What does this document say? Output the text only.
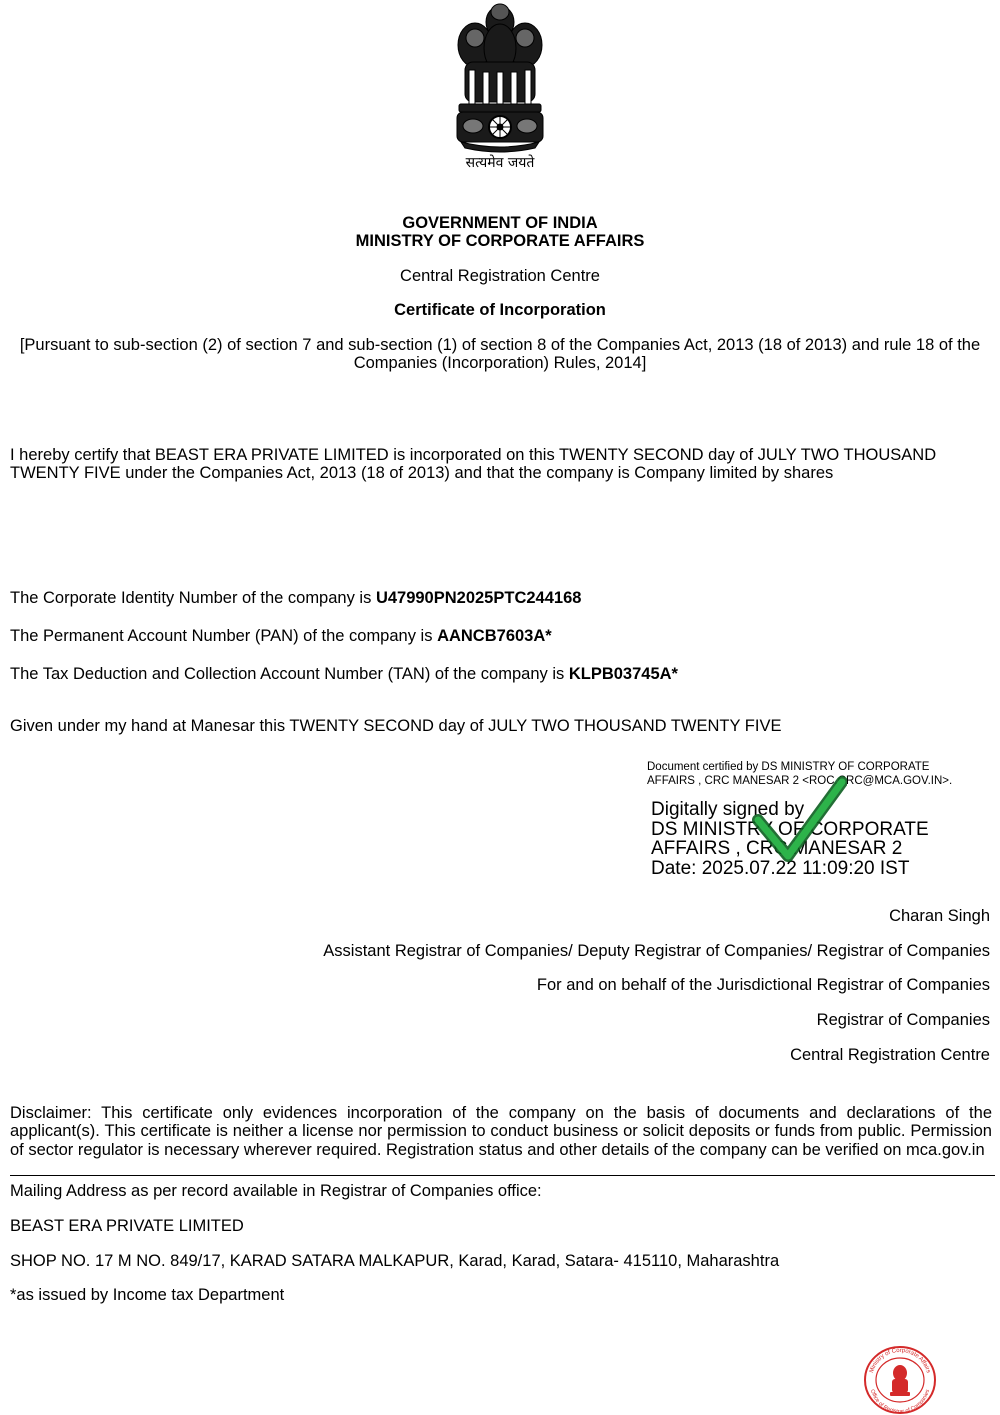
सत्यमेव जयते
GOVERNMENT OF INDIA
MINISTRY OF CORPORATE AFFAIRS
Central Registration Centre
Certificate of Incorporation
[Pursuant to sub-section (2) of section 7 and sub-section (1) of section 8 of the Companies Act, 2013 (18 of 2013) and rule 18 of the Companies (Incorporation) Rules, 2014]
I hereby certify that BEAST ERA PRIVATE LIMITED is incorporated on this TWENTY SECOND day of JULY TWO THOUSAND TWENTY FIVE under the Companies Act, 2013 (18 of 2013) and that the company is Company limited by shares
The Corporate Identity Number of the company is U47990PN2025PTC244168
The Permanent Account Number (PAN) of the company is AANCB7603A*
The Tax Deduction and Collection Account Number (TAN) of the company is KLPB03745A*
Given under my hand at Manesar this TWENTY SECOND day of JULY TWO THOUSAND TWENTY FIVE
Document certified by DS MINISTRY OF CORPORATE AFFAIRS , CRC MANESAR 2 <ROC.CRC@MCA.GOV.IN>.
Digitally signed by
DS MINISTRY OF CORPORATE
AFFAIRS , CRC MANESAR 2
Date: 2025.07.22 11:09:20 IST
Charan Singh
Assistant Registrar of Companies/ Deputy Registrar of Companies/ Registrar of Companies
For and on behalf of the Jurisdictional Registrar of Companies
Registrar of Companies
Central Registration Centre
Disclaimer: This certificate only evidences incorporation of the company on the basis of documents and declarations of the applicant(s). This certificate is neither a license nor permission to conduct business or solicit deposits or funds from public. Permission of sector regulator is necessary wherever required. Registration status and other details of the company can be verified on mca.gov.in
Mailing Address as per record available in Registrar of Companies office:
BEAST ERA PRIVATE LIMITED
SHOP NO. 17 M NO. 849/17, KARAD SATARA MALKAPUR, Karad, Karad, Satara- 415110, Maharashtra
*as issued by Income tax Department
Ministry of Corporate Affairs
Office of Registrar of Companies
